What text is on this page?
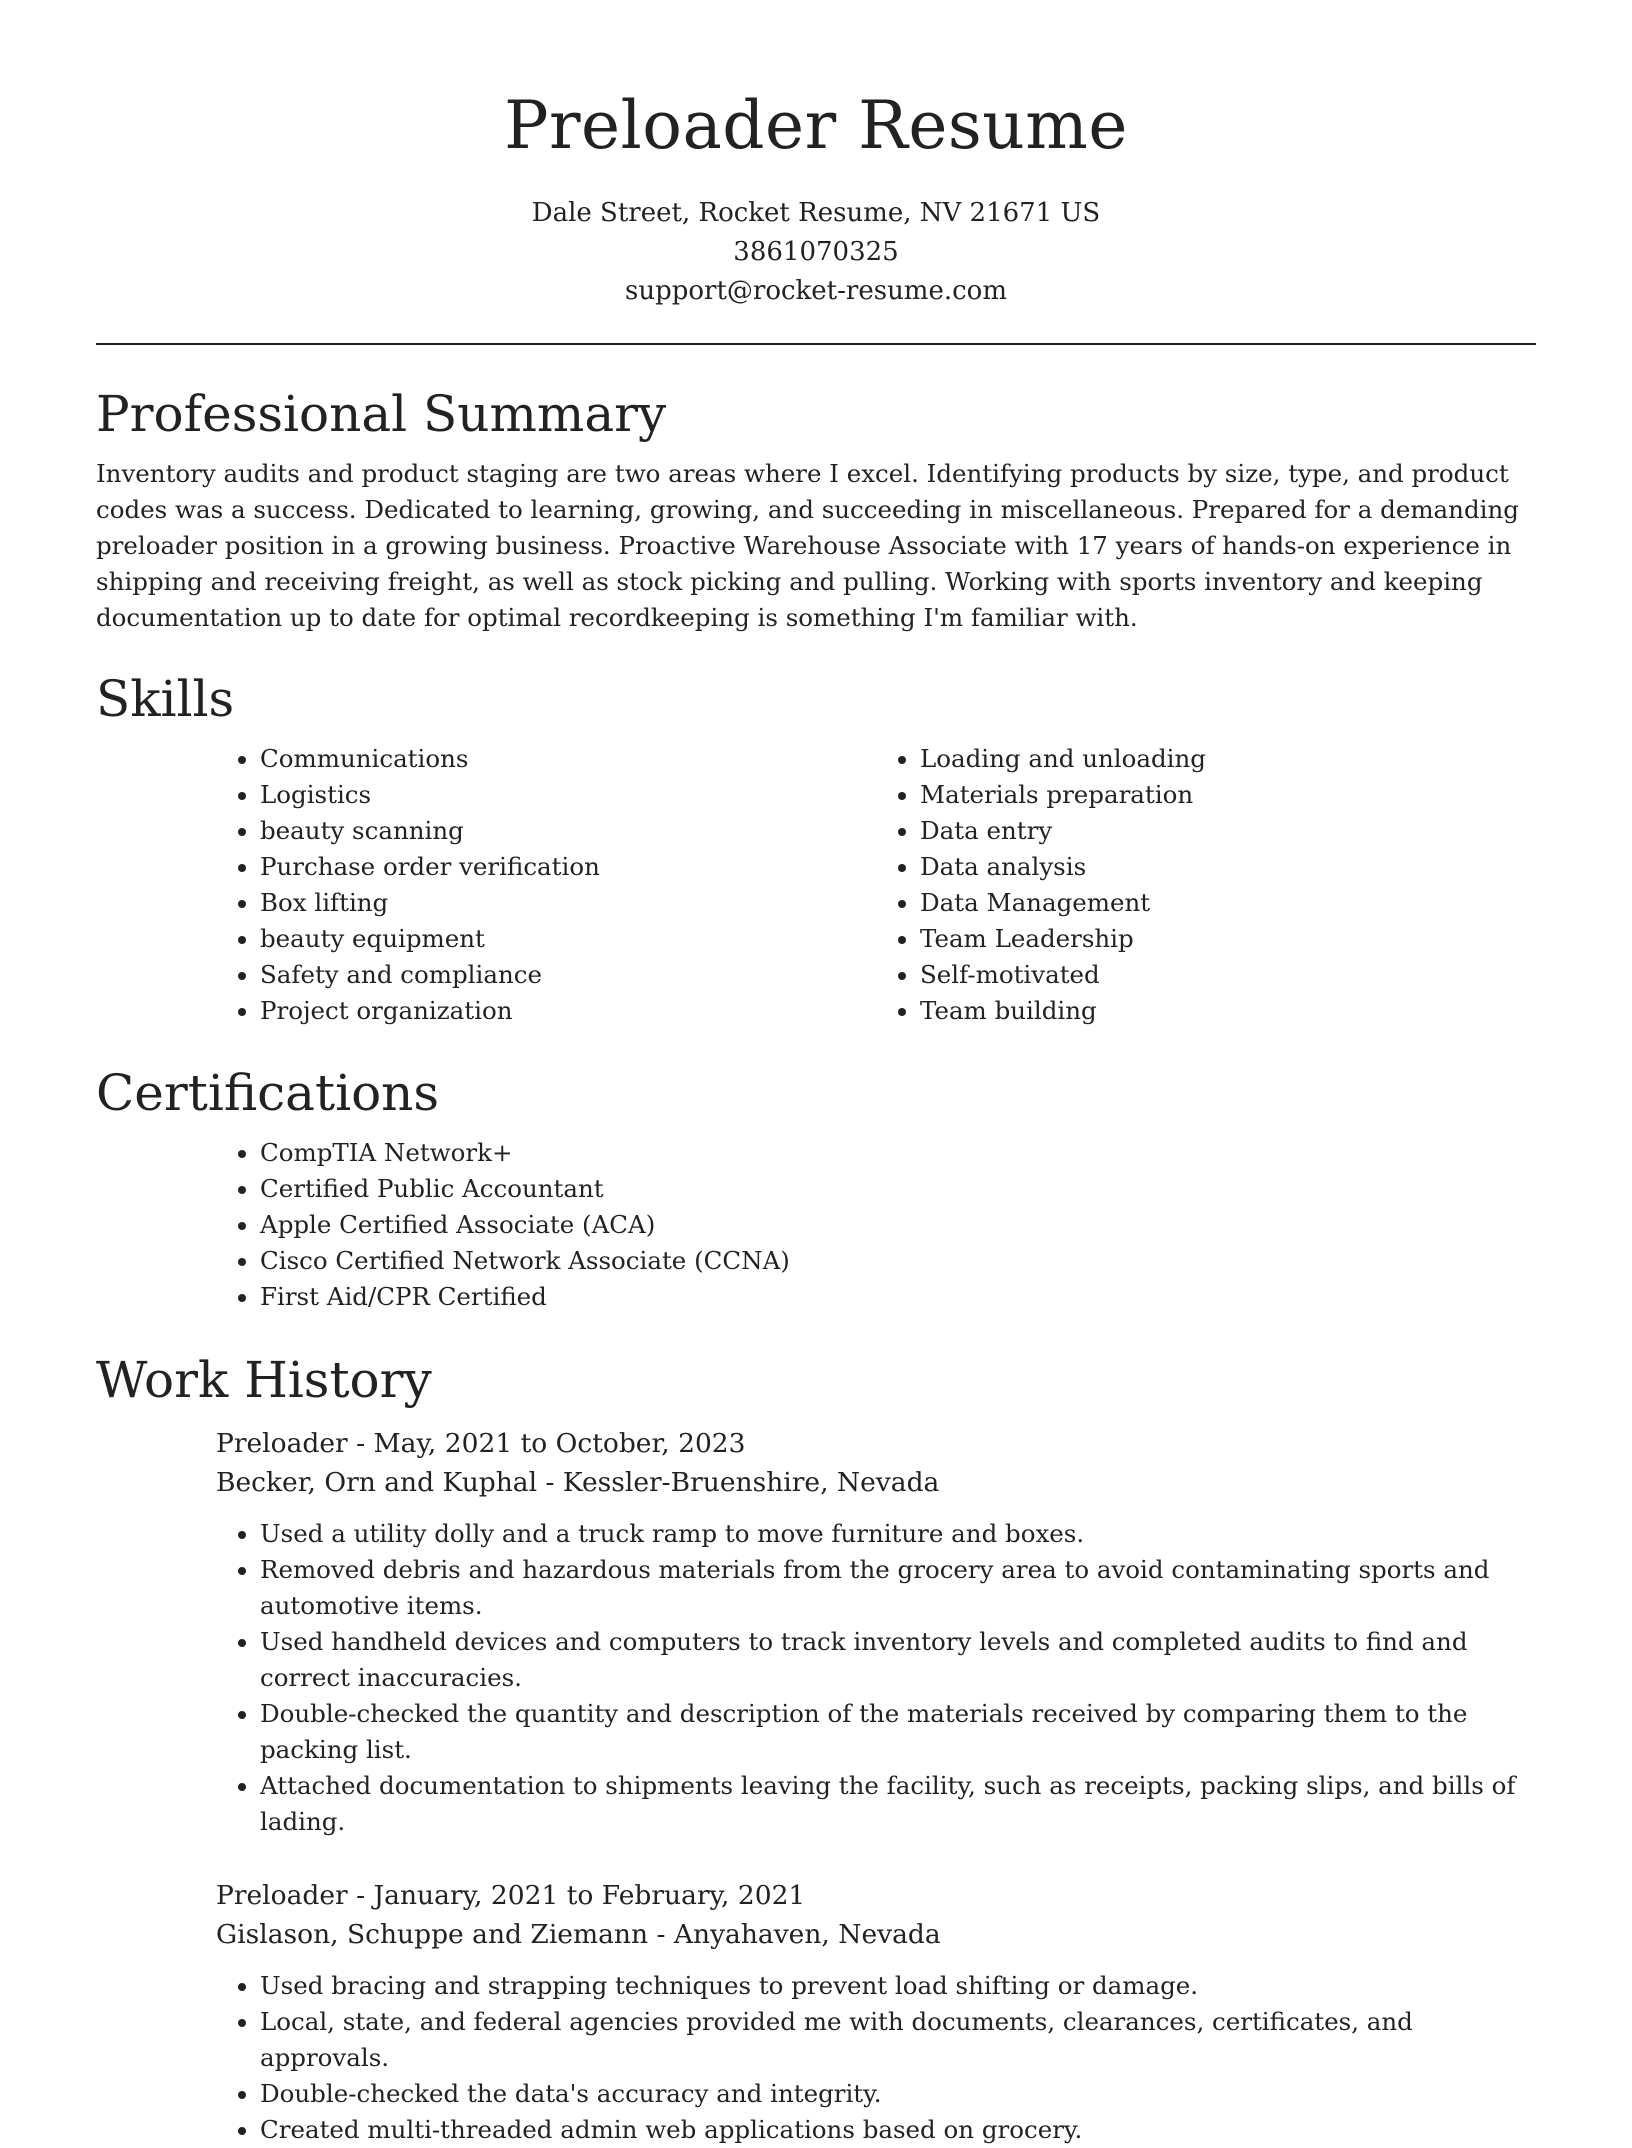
Preloader Resume
Dale Street, Rocket Resume, NV 21671 US
3861070325
support@rocket-resume.com
Professional Summary

Inventory audits and product staging are two areas where I excel. Identifying products by size, type, and product codes was a success. Dedicated to learning, growing, and succeeding in miscellaneous. Prepared for a demanding preloader position in a growing business. Proactive Warehouse Associate with 17 years of hands-on experience in shipping and receiving freight, as well as stock picking and pulling. Working with sports inventory and keeping documentation up to date for optimal recordkeeping is something I'm familiar with.

Skills
• Communications
• Logistics
• beauty scanning
• Purchase order verification
• Box lifting
• beauty equipment
• Safety and compliance
• Project organization
• Loading and unloading
• Materials preparation
• Data entry
• Data analysis
• Data Management
• Team Leadership
• Self-motivated
• Team building
Certifications
• CompTIA Network+
• Certified Public Accountant
• Apple Certified Associate (ACA)
• Cisco Certified Network Associate (CCNA)
• First Aid/CPR Certified
Work History
Preloader - May, 2021 to October, 2023
Becker, Orn and Kuphal - Kessler-Bruenshire, Nevada
• Used a utility dolly and a truck ramp to move furniture and boxes.
• Removed debris and hazardous materials from the grocery area to avoid contaminating sports and automotive items.
• Used handheld devices and computers to track inventory levels and completed audits to find and correct inaccuracies.
• Double-checked the quantity and description of the materials received by comparing them to the packing list.
• Attached documentation to shipments leaving the facility, such as receipts, packing slips, and bills of lading.
Preloader - January, 2021 to February, 2021
Gislason, Schuppe and Ziemann - Anyahaven, Nevada
• Used bracing and strapping techniques to prevent load shifting or damage.
• Local, state, and federal agencies provided me with documents, clearances, certificates, and approvals.
• Double-checked the data's accuracy and integrity.
• Created multi-threaded admin web applications based on grocery.
